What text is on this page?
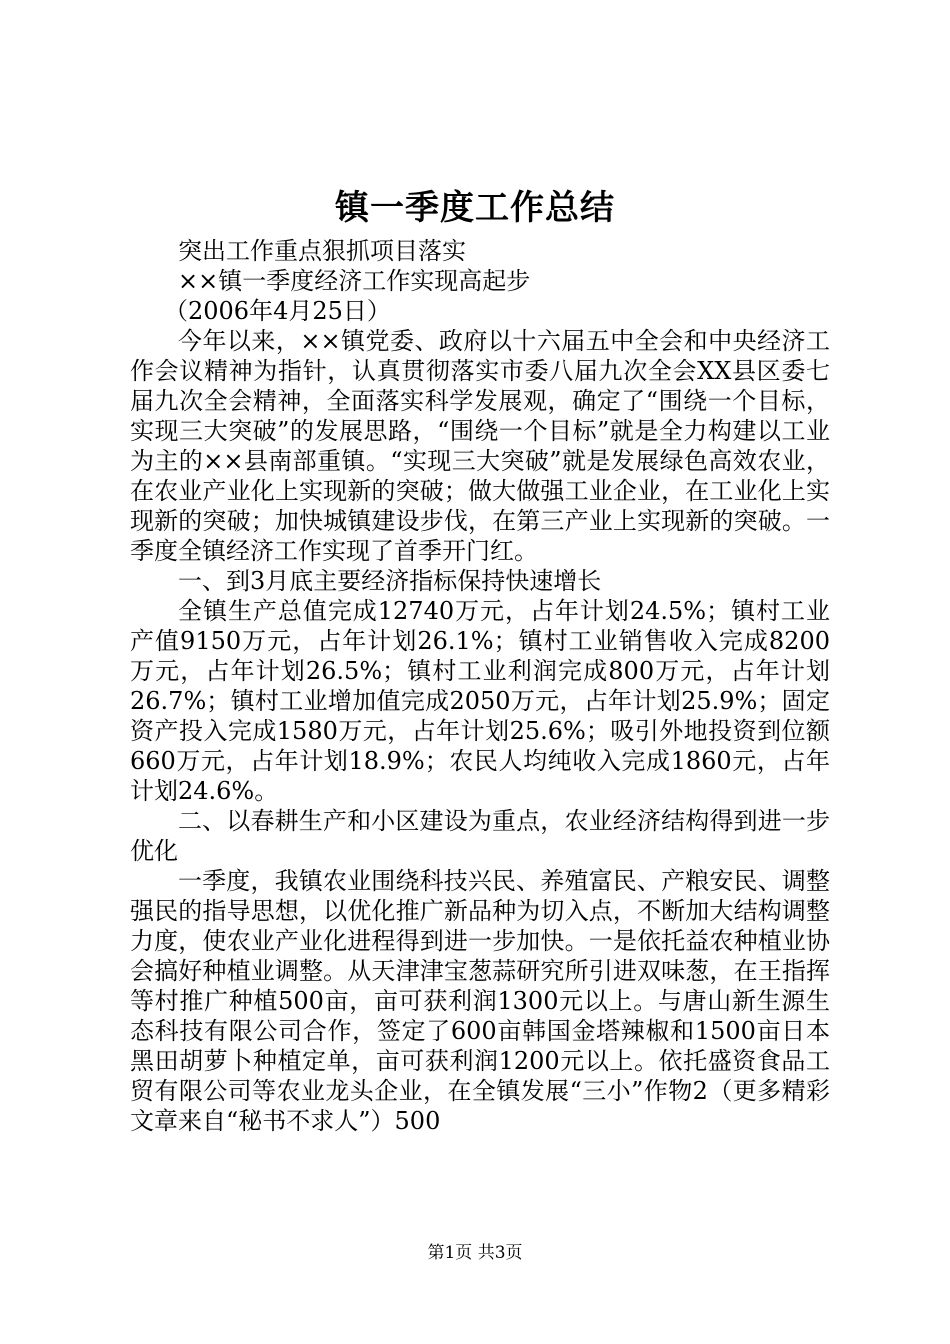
镇一季度工作总结

突出工作重点狠抓项目落实

××镇一季度经济工作实现高起步

（2006年4月25日）

今年以来，××镇党委、政府以十六届五中全会和中央经济工作会议精神为指针，认真贯彻落实市委八届九次全会XX县区委七届九次全会精神，全面落实科学发展观，确定了“围绕一个目标，实现三大突破”的发展思路，“围绕一个目标”就是全力构建以工业为主的××县南部重镇。“实现三大突破”就是发展绿色高效农业，在农业产业化上实现新的突破；做大做强工业企业，在工业化上实现新的突破；加快城镇建设步伐，在第三产业上实现新的突破。一季度全镇经济工作实现了首季开门红。

一、到3月底主要经济指标保持快速增长

全镇生产总值完成12740万元，占年计划24.5%；镇村工业产值9150万元，占年计划26.1%；镇村工业销售收入完成8200万元，占年计划26.5%；镇村工业利润完成800万元，占年计划26.7%；镇村工业增加值完成2050万元，占年计划25.9%；固定资产投入完成1580万元，占年计划25.6%；吸引外地投资到位额660万元，占年计划18.9%；农民人均纯收入完成1860元，占年计划24.6%。

二、以春耕生产和小区建设为重点，农业经济结构得到进一步优化

一季度，我镇农业围绕科技兴民、养殖富民、产粮安民、调整强民的指导思想，以优化推广新品种为切入点，不断加大结构调整力度，使农业产业化进程得到进一步加快。一是依托益农种植业协会搞好种植业调整。从天津津宝葱蒜研究所引进双味葱，在王指挥等村推广种植500亩，亩可获利润1300元以上。与唐山新生源生态科技有限公司合作，签定了600亩韩国金塔辣椒和1500亩日本黑田胡萝卜种植定单，亩可获利润1200元以上。依托盛资食品工贸有限公司等农业龙头企业，在全镇发展“三小”作物2（更多精彩文章来自“秘书不求人”）500

第1页 共3页
